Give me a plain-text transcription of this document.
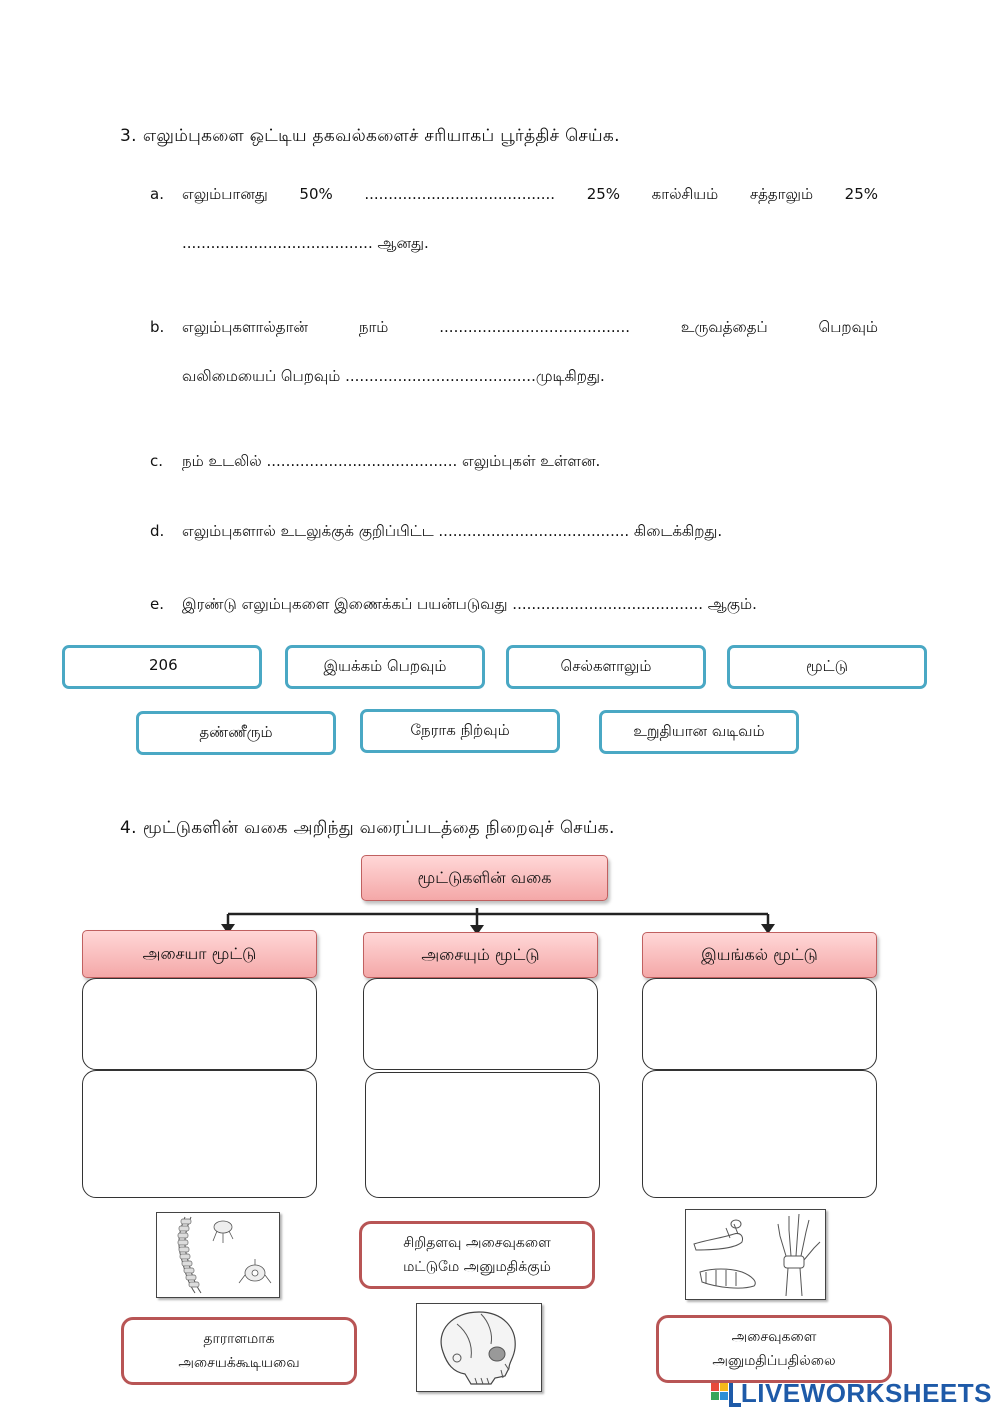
3. எலும்புகளை ஒட்டிய தகவல்களைச் சரியாகப் பூர்த்திச் செய்க.
a. எலும்பானது 50% ........................................ 25% கால்சியம் சத்தாலும் 25%
........................................ ஆனது.
b. எலும்புகளால்தான் நாம் ........................................ உருவத்தைப் பெறவும்
வலிமையைப் பெறவும் ........................................முடிகிறது.
c. நம் உடலில் ........................................ எலும்புகள் உள்ளன.
d. எலும்புகளால் உடலுக்குக் குறிப்பிட்ட ........................................ கிடைக்கிறது.
e. இரண்டு எலும்புகளை இணைக்கப் பயன்படுவது ........................................ ஆகும்.
206	இயக்கம் பெறவும்	செல்களாலும்	மூட்டு
தண்ணீரும்	நேராக நிற்வும்	உறுதியான வடிவம்
4. மூட்டுகளின் வகை அறிந்து வரைப்படத்தை நிறைவுச் செய்க.
மூட்டுகளின் வகை
அசையா மூட்டு	அசையும் மூட்டு	இயங்கல் மூட்டு
சிறிதளவு அசைவுகளை
மட்டுமே அனுமதிக்கும்
தாராளமாக
அசையக்கூடியவை
அசைவுகளை
அனுமதிப்பதில்லை
LIVEWORKSHEETS
